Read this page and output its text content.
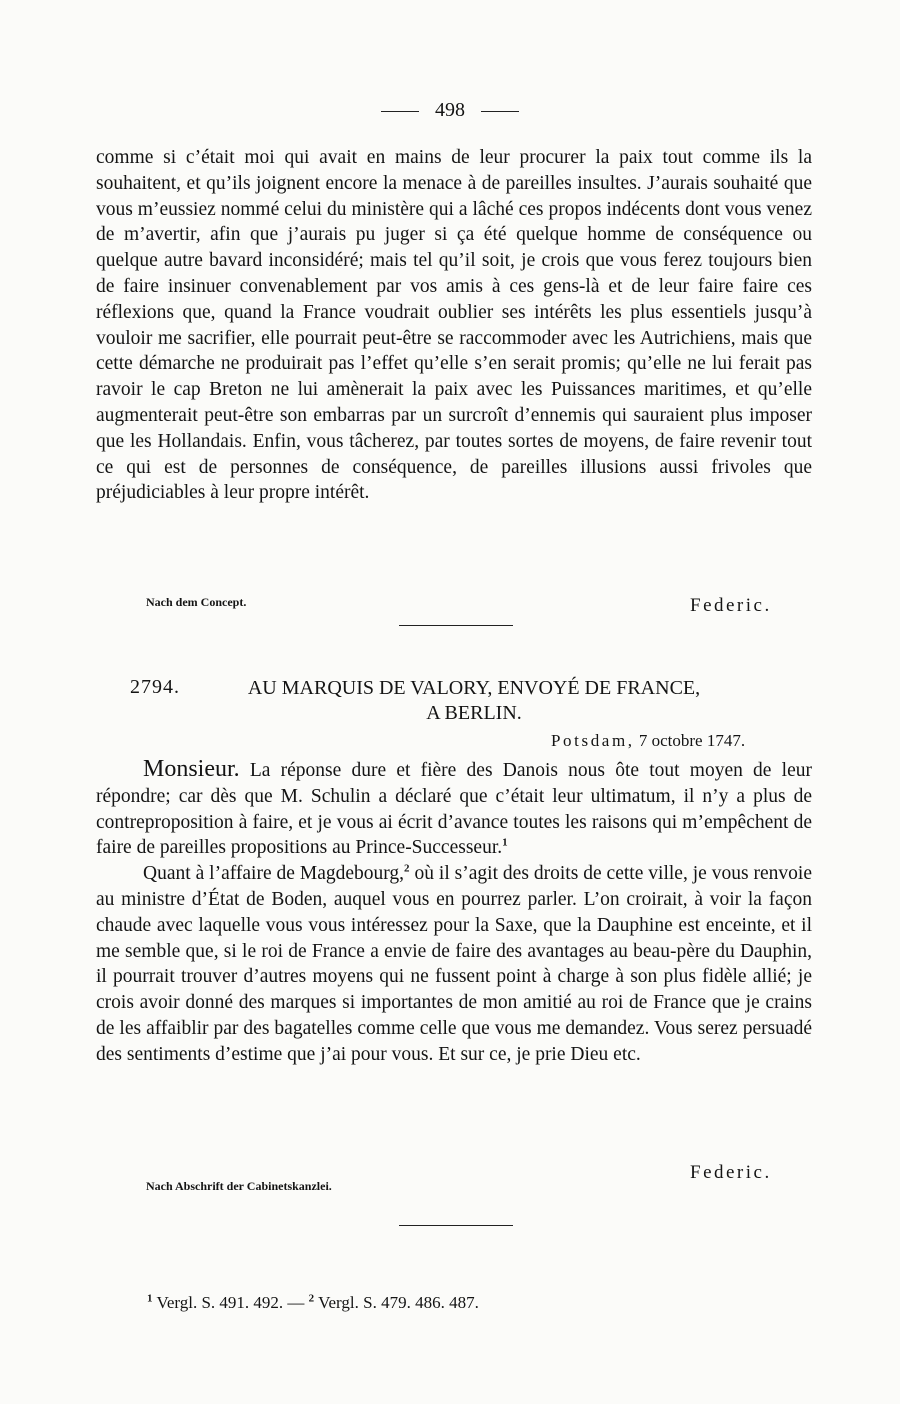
498

comme si c’était moi qui avait en mains de leur procurer la paix tout comme ils la souhaitent, et qu’ils joignent encore la menace à de pareilles insultes. J’aurais souhaité que vous m’eussiez nommé celui du ministère qui a lâché ces propos indécents dont vous venez de m’avertir, afin que j’aurais pu juger si ça été quelque homme de conséquence ou quelque autre bavard inconsidéré; mais tel qu’il soit, je crois que vous ferez toujours bien de faire insinuer convenablement par vos amis à ces gens-là et de leur faire faire ces réflexions que, quand la France voudrait oublier ses intérêts les plus essentiels jusqu’à vouloir me sacrifier, elle pourrait peut-être se raccommoder avec les Autrichiens, mais que cette démarche ne produirait pas l’effet qu’elle s’en serait promis; qu’elle ne lui ferait pas ravoir le cap Breton ne lui amènerait la paix avec les Puissances maritimes, et qu’elle augmenterait peut-être son embarras par un surcroît d’ennemis qui sauraient plus imposer que les Hollandais. Enfin, vous tâcherez, par toutes sortes de moyens, de faire revenir tout ce qui est de personnes de conséquence, de pareilles illusions aussi frivoles que préjudiciables à leur propre intérêt.

Nach dem Concept.	Federic.
2794.	AU MARQUIS DE VALORY, ENVOYÉ DE FRANCE,
A BERLIN.
Potsdam, 7 octobre 1747.

Monsieur. La réponse dure et fière des Danois nous ôte tout moyen de leur répondre; car dès que M. Schulin a déclaré que c’était leur ultimatum, il n’y a plus de contreproposition à faire, et je vous ai écrit d’avance toutes les raisons qui m’empêchent de faire de pareilles propositions au Prince-Successeur.$^1$

Quant à l’affaire de Magdebourg,$^2$ où il s’agit des droits de cette ville, je vous renvoie au ministre d’État de Boden, auquel vous en pourrez parler. L’on croirait, à voir la façon chaude avec laquelle vous vous intéressez pour la Saxe, que la Dauphine est enceinte, et il me semble que, si le roi de France a envie de faire des avantages au beau-père du Dauphin, il pourrait trouver d’autres moyens qui ne fussent point à charge à son plus fidèle allié; je crois avoir donné des marques si importantes de mon amitié au roi de France que je crains de les affaiblir par des bagatelles comme celle que vous me demandez. Vous serez persuadé des sentiments d’estime que j’ai pour vous. Et sur ce, je prie Dieu etc.

Federic.
Nach Abschrift der Cabinetskanzlei.
$^1$ Vergl. S. 491. 492. — $^2$ Vergl. S. 479. 486. 487.
